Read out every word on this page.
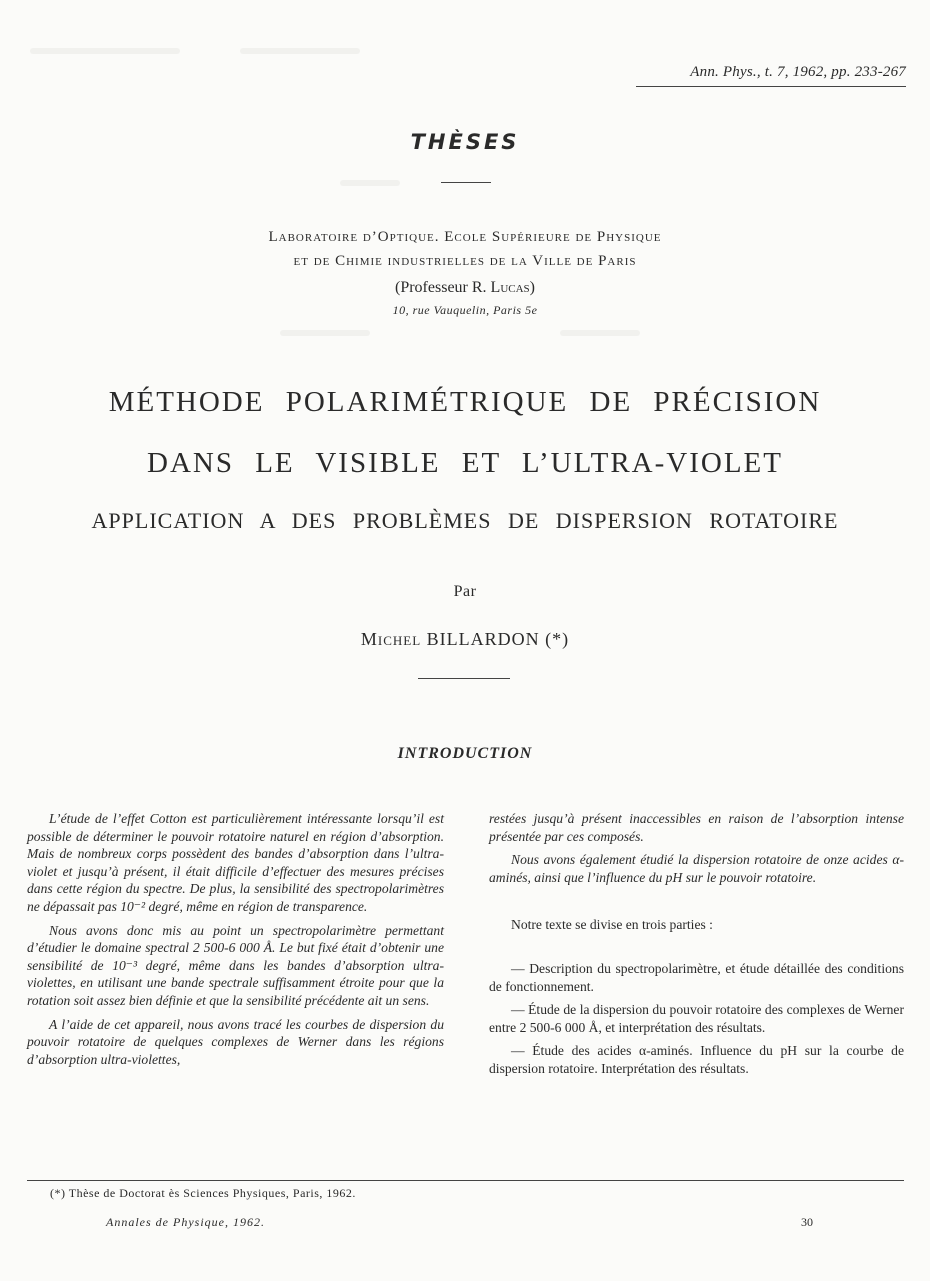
Ann. Phys., t. 7, 1962, pp. 233-267
THÈSES
Laboratoire d’Optique. Ecole Supérieure de Physique
et de Chimie industrielles de la Ville de Paris
(Professeur R. Lucas)
10, rue Vauquelin, Paris 5e
MÉTHODE POLARIMÉTRIQUE DE PRÉCISION
DANS LE VISIBLE ET L’ULTRA-VIOLET
APPLICATION A DES PROBLÈMES DE DISPERSION ROTATOIRE
Par
Michel BILLARDON (*)
INTRODUCTION

L’étude de l’effet Cotton est particulièrement intéressante lorsqu’il est possible de déterminer le pouvoir rotatoire naturel en région d’absorption. Mais de nombreux corps possèdent des bandes d’absorption dans l’ultra-violet et jusqu’à présent, il était difficile d’effectuer des mesures précises dans cette région du spectre. De plus, la sensibilité des spectropolarimètres ne dépassait pas 10⁻² degré, même en région de transparence.

Nous avons donc mis au point un spectropolarimètre permettant d’étudier le domaine spectral 2 500-6 000 Å. Le but fixé était d’obtenir une sensibilité de 10⁻³ degré, même dans les bandes d’absorption ultra-violettes, en utilisant une bande spectrale suffisamment étroite pour que la rotation soit assez bien définie et que la sensibilité précédente ait un sens.

A l’aide de cet appareil, nous avons tracé les courbes de dispersion du pouvoir rotatoire de quelques complexes de Werner dans les régions d’absorption ultra-violettes,

restées jusqu’à présent inaccessibles en raison de l’absorption intense présentée par ces composés.

Nous avons également étudié la dispersion rotatoire de onze acides α-aminés, ainsi que l’influence du pH sur le pouvoir rotatoire.

Notre texte se divise en trois parties :

— Description du spectropolarimètre, et étude détaillée des conditions de fonctionnement.

— Étude de la dispersion du pouvoir rotatoire des complexes de Werner entre 2 500-6 000 Å, et interprétation des résultats.

— Étude des acides α-aminés. Influence du pH sur la courbe de dispersion rotatoire. Interprétation des résultats.

(*) Thèse de Doctorat ès Sciences Physiques, Paris, 1962.
Annales de Physique, 1962.	30
